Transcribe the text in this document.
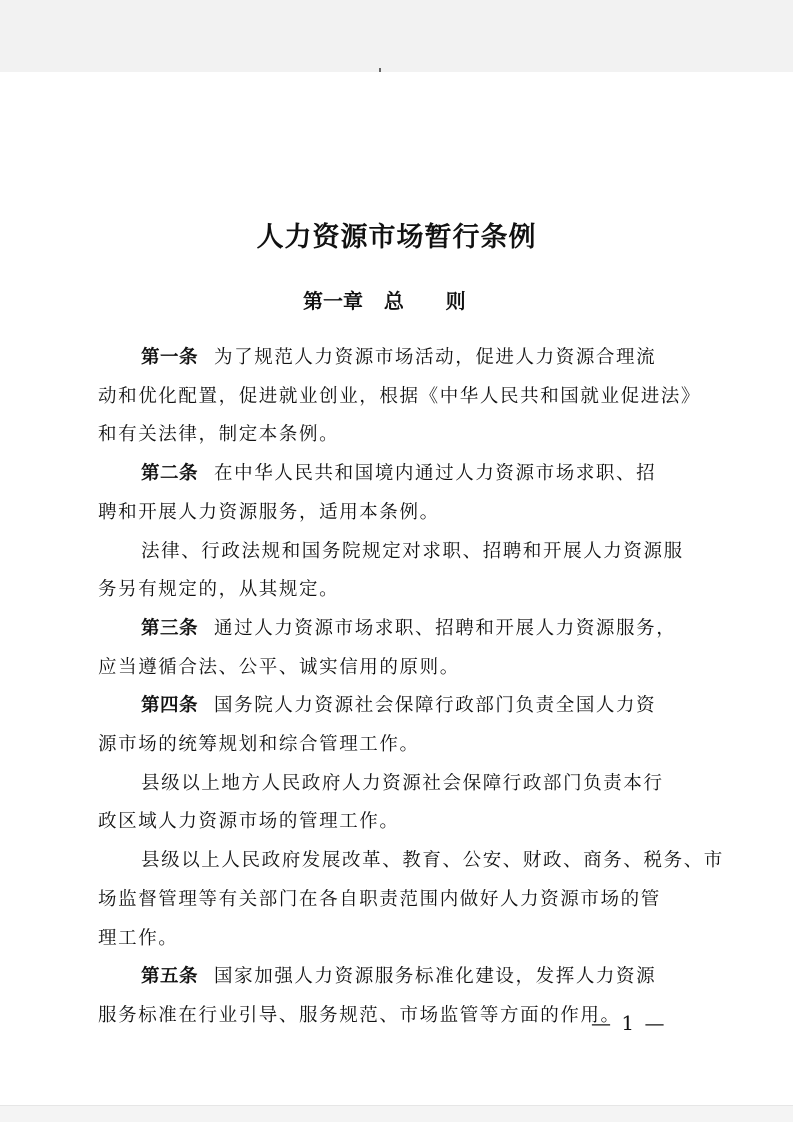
人力资源市场暂行条例
第一章   总      则
第一条 为了规范人力资源市场活动，促进人力资源合理流
动和优化配置，促进就业创业，根据《中华人民共和国就业促进法》
和有关法律，制定本条例。
第二条 在中华人民共和国境内通过人力资源市场求职、招
聘和开展人力资源服务，适用本条例。
法律、行政法规和国务院规定对求职、招聘和开展人力资源服
务另有规定的，从其规定。
第三条 通过人力资源市场求职、招聘和开展人力资源服务，
应当遵循合法、公平、诚实信用的原则。
第四条 国务院人力资源社会保障行政部门负责全国人力资
源市场的统筹规划和综合管理工作。
县级以上地方人民政府人力资源社会保障行政部门负责本行
政区域人力资源市场的管理工作。
县级以上人民政府发展改革、教育、公安、财政、商务、税务、市
场监督管理等有关部门在各自职责范围内做好人力资源市场的管
理工作。
第五条 国家加强人力资源服务标准化建设，发挥人力资源
服务标准在行业引导、服务规范、市场监管等方面的作用。
— 1 —
